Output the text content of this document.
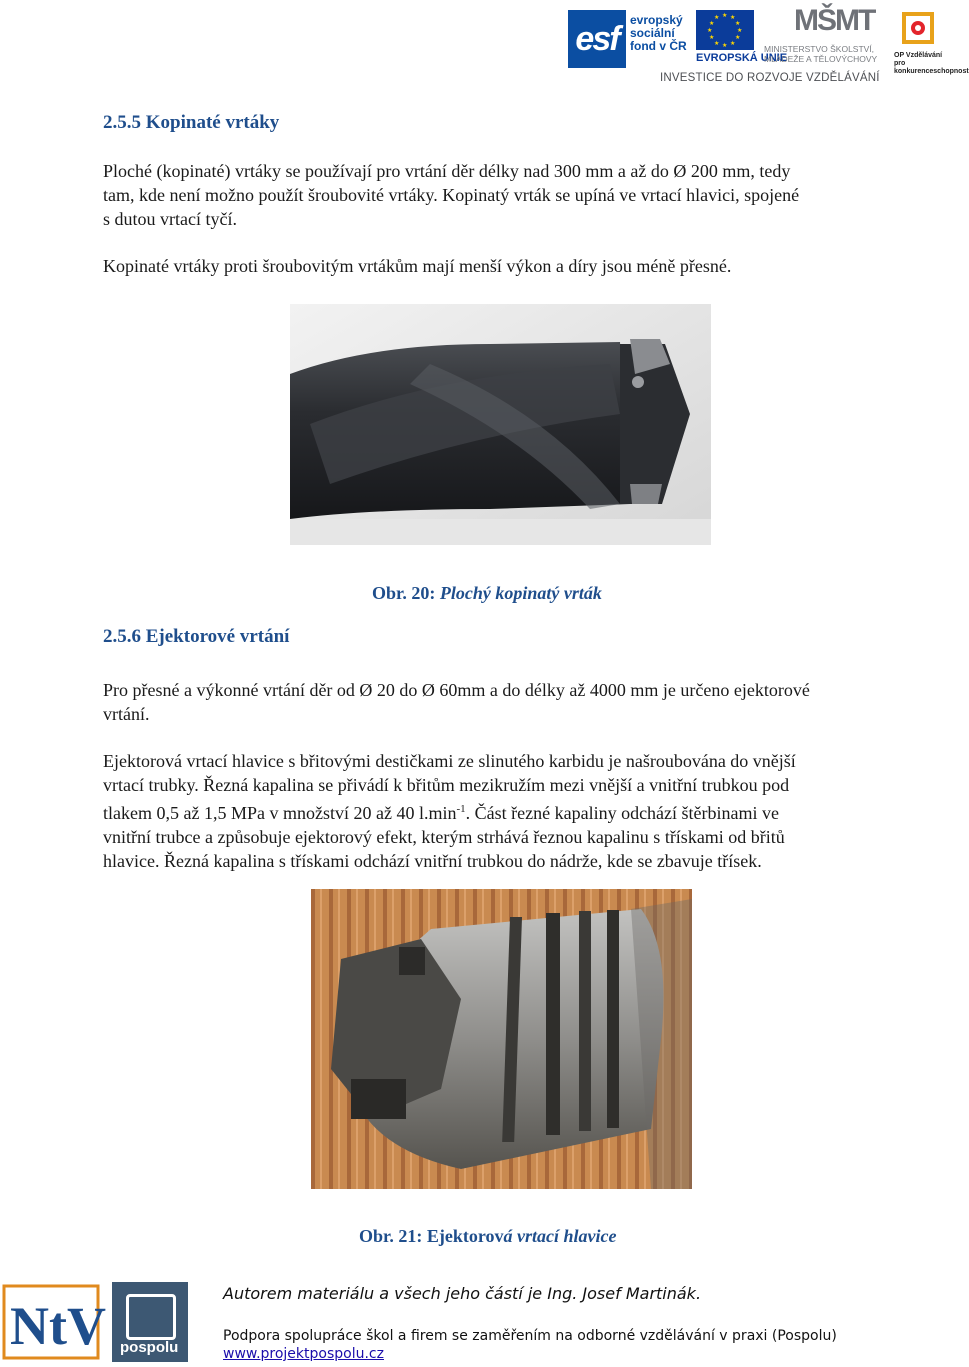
esf evropský
sociální
fond v ČR
★ ★
★
★
★
★
★
★
★
★
★
★
EVROPSKÁ UNIE
MŠMT
MINISTERSTVO ŠKOLSTVÍ,
MLÁDEŽE A TĚLOVÝCHOVY	OP Vzdělávání
pro konkurenceschopnost
INVESTICE DO ROZVOJE VZDĚLÁVÁNÍ
2.5.5 Kopinaté vrtáky
Ploché (kopinaté) vrtáky se používají pro vrtání děr délky nad 300 mm a až do Ø 200 mm, tedy
tam, kde není možno použít šroubovité vrtáky. Kopinatý vrták se upíná ve vrtací hlavici, spojené
s dutou vrtací tyčí.
Kopinaté vrtáky proti šroubovitým vrtákům mají menší výkon a díry jsou méně přesné.
Obr. 20: Plochý kopinatý vrták
2.5.6 Ejektorové vrtání
Pro přesné a výkonné vrtání děr od Ø 20 do Ø 60mm a do délky až 4000 mm je určeno ejektorové
vrtání.
Ejektorová vrtací hlavice s břitovými destičkami ze slinutého karbidu je našroubována do vnější
vrtací trubky. Řezná kapalina se přivádí k břitům mezikružím mezi vnější a vnitřní trubkou pod
tlakem 0,5 až 1,5 MPa v množství 20 až 40 $l.\min^{-1}$. Část řezné kapaliny odchází štěrbinami ve
vnitřní trubce a způsobuje ejektorový efekt, kterým strhává řeznou kapalinu s třískami od břitů
hlavice. Řezná kapalina s třískami odchází vnitřní trubkou do nádrže, kde se zbavuje třísek.
Obr. 21: Ejektorová vrtací hlavice
NtV pospolu
Autorem materiálu a všech jeho částí je Ing. Josef Martinák.
Podpora spolupráce škol a firem se zaměřením na odborné vzdělávání v praxi (Pospolu)
www.projektpospolu.cz
